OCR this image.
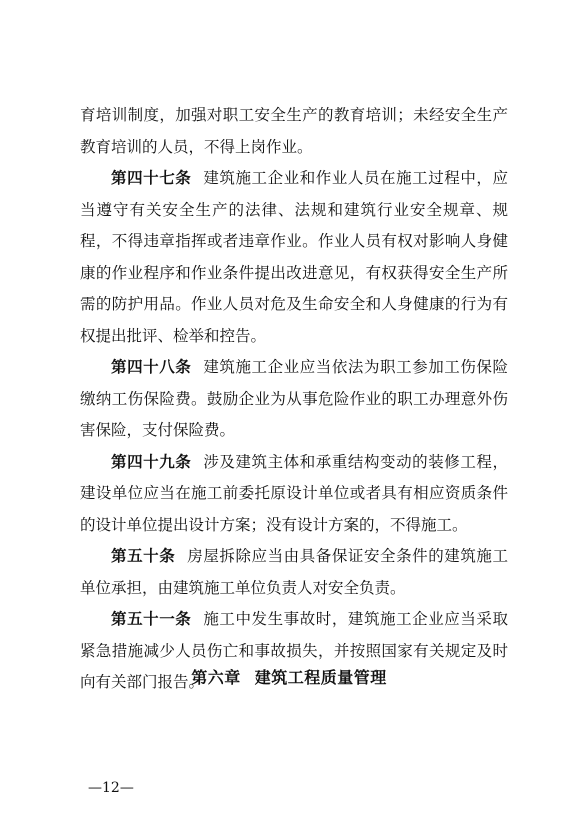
育培训制度，加强对职工安全生产的教育培训；未经安全生产教育培训的人员，不得上岗作业。

第四十七条 建筑施工企业和作业人员在施工过程中，应当遵守有关安全生产的法律、法规和建筑行业安全规章、规程，不得违章指挥或者违章作业。作业人员有权对影响人身健康的作业程序和作业条件提出改进意见，有权获得安全生产所需的防护用品。作业人员对危及生命安全和人身健康的行为有权提出批评、检举和控告。

第四十八条 建筑施工企业应当依法为职工参加工伤保险缴纳工伤保险费。鼓励企业为从事危险作业的职工办理意外伤害保险，支付保险费。

第四十九条 涉及建筑主体和承重结构变动的装修工程，建设单位应当在施工前委托原设计单位或者具有相应资质条件的设计单位提出设计方案；没有设计方案的，不得施工。

第五十条 房屋拆除应当由具备保证安全条件的建筑施工单位承担，由建筑施工单位负责人对安全负责。

第五十一条 施工中发生事故时，建筑施工企业应当采取紧急措施减少人员伤亡和事故损失，并按照国家有关规定及时向有关部门报告。

第六章 建筑工程质量管理
—12—
